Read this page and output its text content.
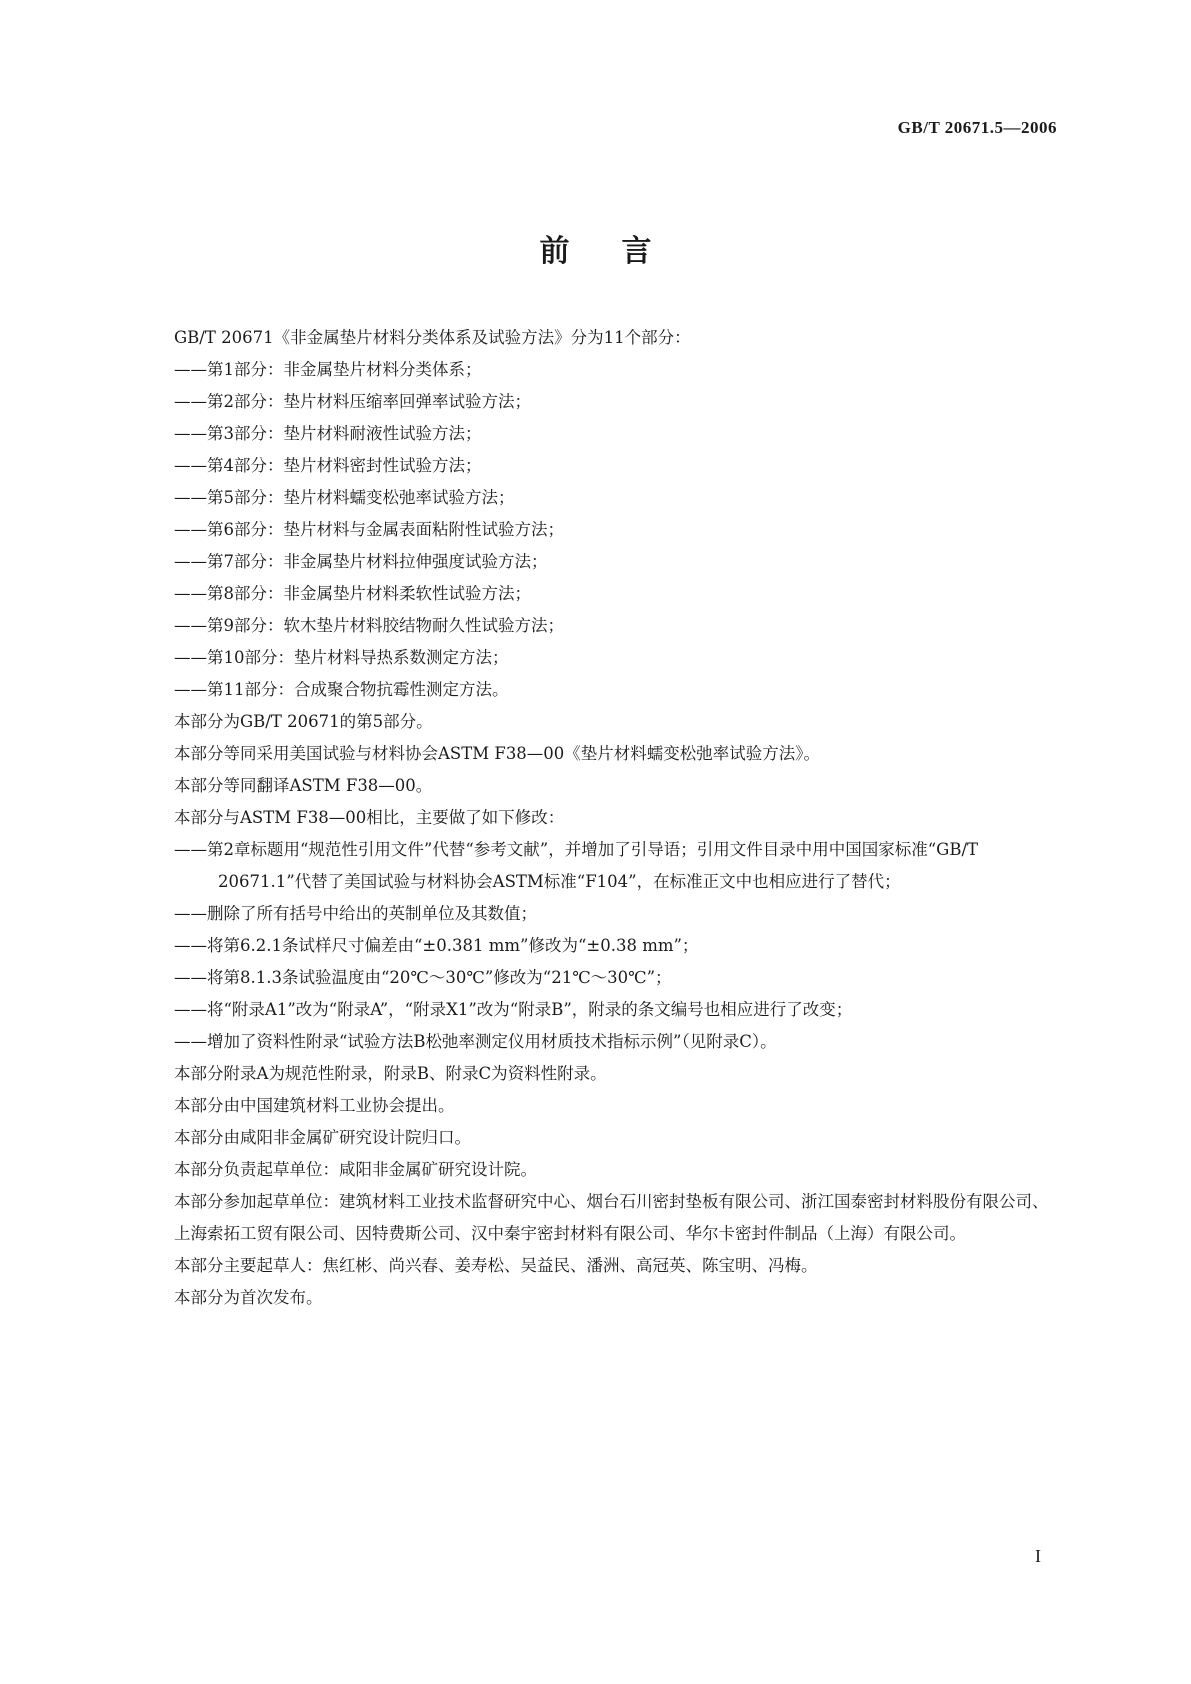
GB/T 20671.5—2006
前言
GB/T 20671《非金属垫片材料分类体系及试验方法》分为11个部分：
——第1部分：非金属垫片材料分类体系；
——第2部分：垫片材料压缩率回弹率试验方法；
——第3部分：垫片材料耐液性试验方法；
——第4部分：垫片材料密封性试验方法；
——第5部分：垫片材料蠕变松弛率试验方法；
——第6部分：垫片材料与金属表面粘附性试验方法；
——第7部分：非金属垫片材料拉伸强度试验方法；
——第8部分：非金属垫片材料柔软性试验方法；
——第9部分：软木垫片材料胶结物耐久性试验方法；
——第10部分：垫片材料导热系数测定方法；
——第11部分：合成聚合物抗霉性测定方法。
本部分为GB/T 20671的第5部分。
本部分等同采用美国试验与材料协会ASTM F38—00《垫片材料蠕变松弛率试验方法》。
本部分等同翻译ASTM F38—00。
本部分与ASTM F38—00相比，主要做了如下修改：
——第2章标题用“规范性引用文件”代替“参考文献”，并增加了引导语；引用文件目录中用中国国家标准“GB/T 20671.1”代替了美国试验与材料协会ASTM标准“F104”，在标准正文中也相应进行了替代；
——删除了所有括号中给出的英制单位及其数值；
——将第6.2.1条试样尺寸偏差由“±0.381 mm”修改为“±0.38 mm”；
——将第8.1.3条试验温度由“20℃～30℃”修改为“21℃～30℃”；
——将“附录A1”改为“附录A”，“附录X1”改为“附录B”，附录的条文编号也相应进行了改变；
——增加了资料性附录“试验方法B松弛率测定仪用材质技术指标示例”（见附录C）。
本部分附录A为规范性附录，附录B、附录C为资料性附录。
本部分由中国建筑材料工业协会提出。
本部分由咸阳非金属矿研究设计院归口。
本部分负责起草单位：咸阳非金属矿研究设计院。
本部分参加起草单位：建筑材料工业技术监督研究中心、烟台石川密封垫板有限公司、浙江国泰密封材料股份有限公司、上海索拓工贸有限公司、因特费斯公司、汉中秦宇密封材料有限公司、华尔卡密封件制品（上海）有限公司。
本部分主要起草人：焦红彬、尚兴春、姜寿松、吴益民、潘洲、高冠英、陈宝明、冯梅。
本部分为首次发布。
I
